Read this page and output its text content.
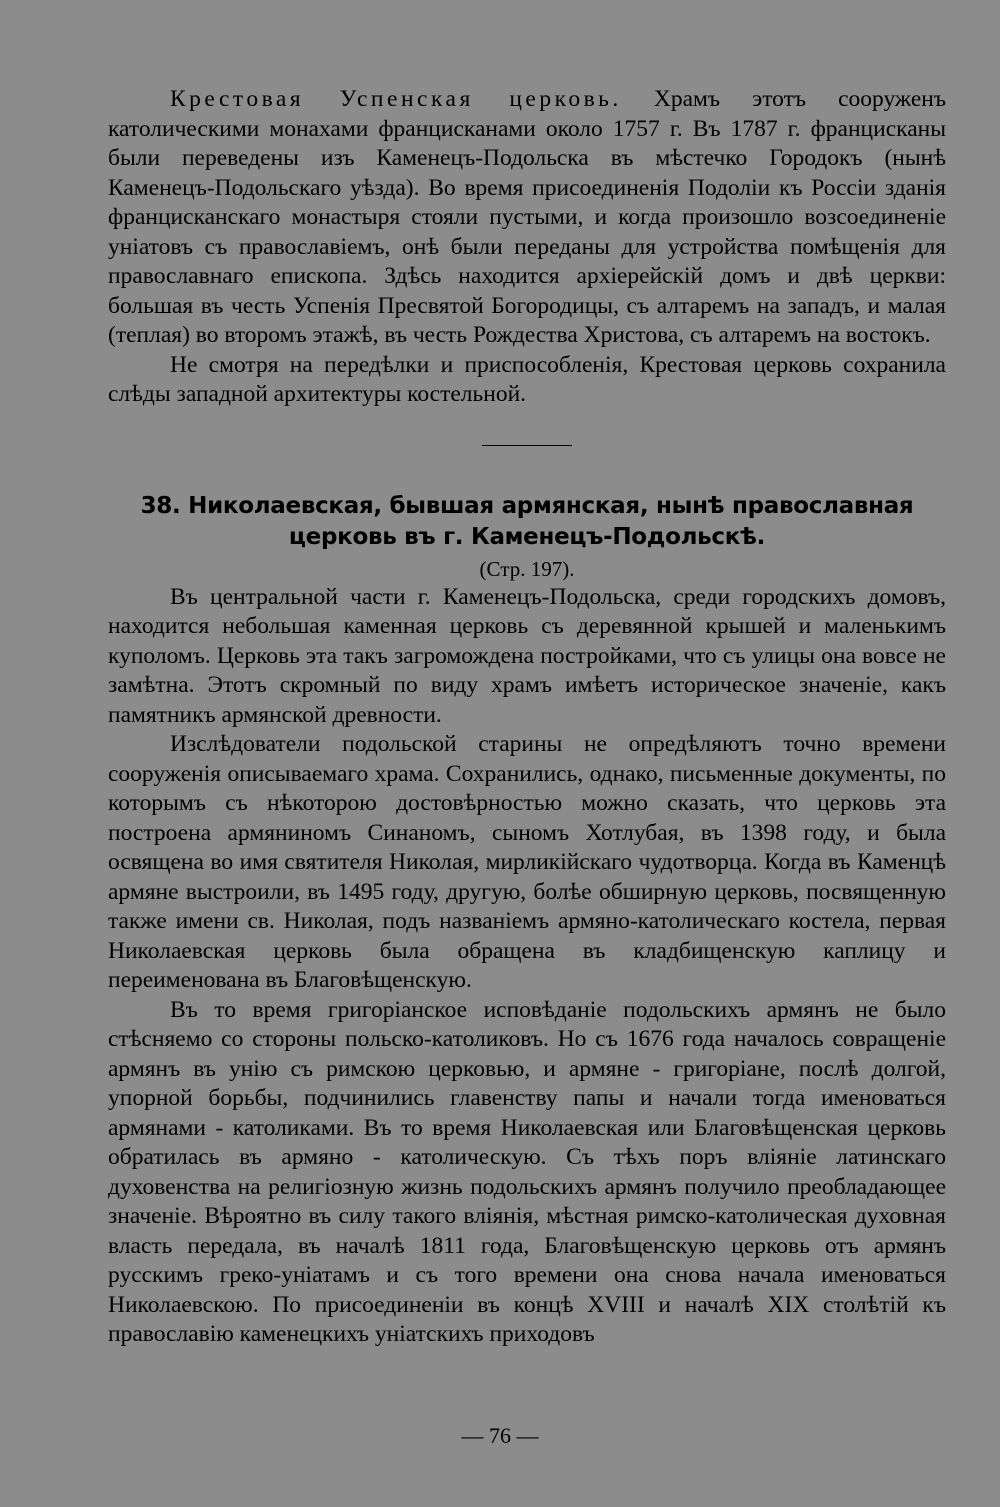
Крестовая Успенская церковь. Храмъ этотъ сооруженъ католическими монахами францисканами около 1757 г. Въ 1787 г. францисканы были переведены изъ Каменецъ-Подольска въ мѣстечко Городокъ (нынѣ Каменецъ-Подольскаго уѣзда). Во время присоединенія Подоліи къ Россіи зданія францисканскаго монастыря стояли пустыми, и когда произошло возсоединеніе уніатовъ съ православіемъ, онѣ были переданы для устройства помѣщенія для православнаго епископа. Здѣсь находится архіерейскій домъ и двѣ церкви: большая въ честь Успенія Пресвятой Богородицы, съ алтаремъ на западъ, и малая (теплая) во второмъ этажѣ, въ честь Рождества Христова, съ алтаремъ на востокъ.

Не смотря на передѣлки и приспособленія, Крестовая церковь сохранила слѣды западной архитектуры костельной.

38. Николаевская, бывшая армянская, нынѣ православная церковь въ г. Каменецъ-Подольскѣ.
(Стр. 197).

Въ центральной части г. Каменецъ-Подольска, среди городскихъ домовъ, находится небольшая каменная церковь съ деревянной крышей и маленькимъ куполомъ. Церковь эта такъ загромождена постройками, что съ улицы она вовсе не замѣтна. Этотъ скромный по виду храмъ имѣетъ историческое значеніе, какъ памятникъ армянской древности.

Изслѣдователи подольской старины не опредѣляютъ точно времени сооруженія описываемаго храма. Сохранились, однако, письменные документы, по которымъ съ нѣкоторою достовѣрностью можно сказать, что церковь эта построена армяниномъ Синаномъ, сыномъ Хотлубая, въ 1398 году, и была освящена во имя святителя Николая, мирликійскаго чудотворца. Когда въ Каменцѣ армяне выстроили, въ 1495 году, другую, болѣе обширную церковь, посвященную также имени св. Николая, подъ названіемъ армяно-католическаго костела, первая Николаевская церковь была обращена въ кладбищенскую каплицу и переименована въ Благовѣщенскую.

Въ то время григоріанское исповѣданіе подольскихъ армянъ не было стѣсняемо со стороны польско-католиковъ. Но съ 1676 года началось совращеніе армянъ въ унію съ римскою церковью, и армяне - григоріане, послѣ долгой, упорной борьбы, подчинились главенству папы и начали тогда именоваться армянами - католиками. Въ то время Николаевская или Благовѣщенская церковь обратилась въ армяно - католическую. Съ тѣхъ поръ вліяніе латинскаго духовенства на религіозную жизнь подольскихъ армянъ получило преобладающее значеніе. Вѣроятно въ силу такого вліянія, мѣстная римско-католическая духовная власть передала, въ началѣ 1811 года, Благовѣщенскую церковь отъ армянъ русскимъ греко-уніатамъ и съ того времени она снова начала именоваться Николаевскою. По присоединеніи въ концѣ XVIII и началѣ XIX столѣтій къ православію каменецкихъ уніатскихъ приходовъ

— 76 —
